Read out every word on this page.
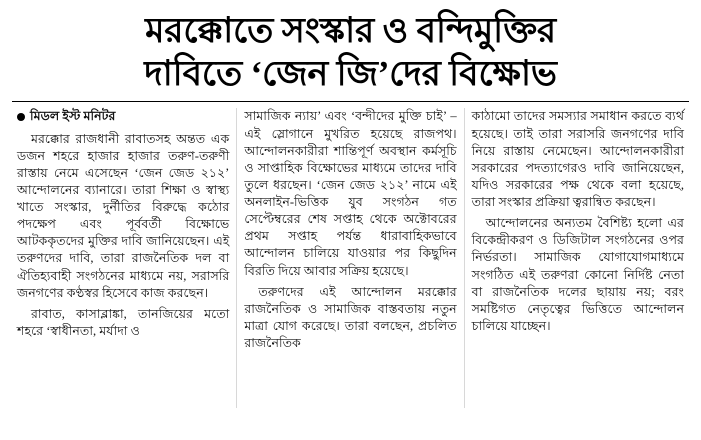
মরক্কোতে সংস্কার ও বন্দিমুক্তির
দাবিতে ‘জেন জি’দের বিক্ষোভ
মিডল ইস্ট মনিটর

মরক্কোর রাজধানী রাবাতসহ অন্তত এক ডজন শহরে হাজার হাজার তরুণ-তরুণী রাস্তায় নেমে এসেছেন ‘জেন জেড ২১২’ আন্দোলনের ব্যানারে। তারা শিক্ষা ও স্বাস্থ্য খাতে সংস্কার, দুর্নীতির বিরুদ্ধে কঠোর পদক্ষেপ এবং পূর্ববর্তী বিক্ষোভে আটককৃতদের মুক্তির দাবি জানিয়েছেন। এই তরুণদের দাবি, তারা রাজনৈতিক দল বা ঐতিহ্যবাহী সংগঠনের মাধ্যমে নয়, সরাসরি জনগণের কণ্ঠস্বর হিসেবে কাজ করছেন।

রাবাত, কাসাব্লাঙ্কা, তানজিয়ের মতো শহরে ‘স্বাধীনতা, মর্যাদা ও

সামাজিক ন্যায়’ এবং ‘বন্দীদের মুক্তি চাই’ – এই স্লোগানে মুখরিত হয়েছে রাজপথ। আন্দোলনকারীরা শান্তিপূর্ণ অবস্থান কর্মসূচি ও সাপ্তাহিক বিক্ষোভের মাধ্যমে তাদের দাবি তুলে ধরছেন। ‘জেন জেড ২১২’ নামে এই অনলাইন-ভিত্তিক যুব সংগঠন গত সেপ্টেম্বরের শেষ সপ্তাহ থেকে অক্টোবরের প্রথম সপ্তাহ পর্যন্ত ধারাবাহিকভাবে আন্দোলন চালিয়ে যাওয়ার পর কিছুদিন বিরতি দিয়ে আবার সক্রিয় হয়েছে।

তরুণদের এই আন্দোলন মরক্কোর রাজনৈতিক ও সামাজিক বাস্তবতায় নতুন মাত্রা যোগ করেছে। তারা বলছেন, প্রচলিত রাজনৈতিক

কাঠামো তাদের সমস্যার সমাধান করতে ব্যর্থ হয়েছে। তাই তারা সরাসরি জনগণের দাবি নিয়ে রাস্তায় নেমেছেন। আন্দোলনকারীরা সরকারের পদত্যাগেরও দাবি জানিয়েছেন, যদিও সরকারের পক্ষ থেকে বলা হয়েছে, তারা সংস্কার প্রক্রিয়া ত্বরান্বিত করছেন।

আন্দোলনের অন্যতম বৈশিষ্ট্য হলো এর বিকেন্দ্রীকরণ ও ডিজিটাল সংগঠনের ওপর নির্ভরতা। সামাজিক যোগাযোগমাধ্যমে সংগঠিত এই তরুণরা কোনো নির্দিষ্ট নেতা বা রাজনৈতিক দলের ছায়ায় নয়; বরং সমষ্টিগত নেতৃত্বের ভিত্তিতে আন্দোলন চালিয়ে যাচ্ছেন।
